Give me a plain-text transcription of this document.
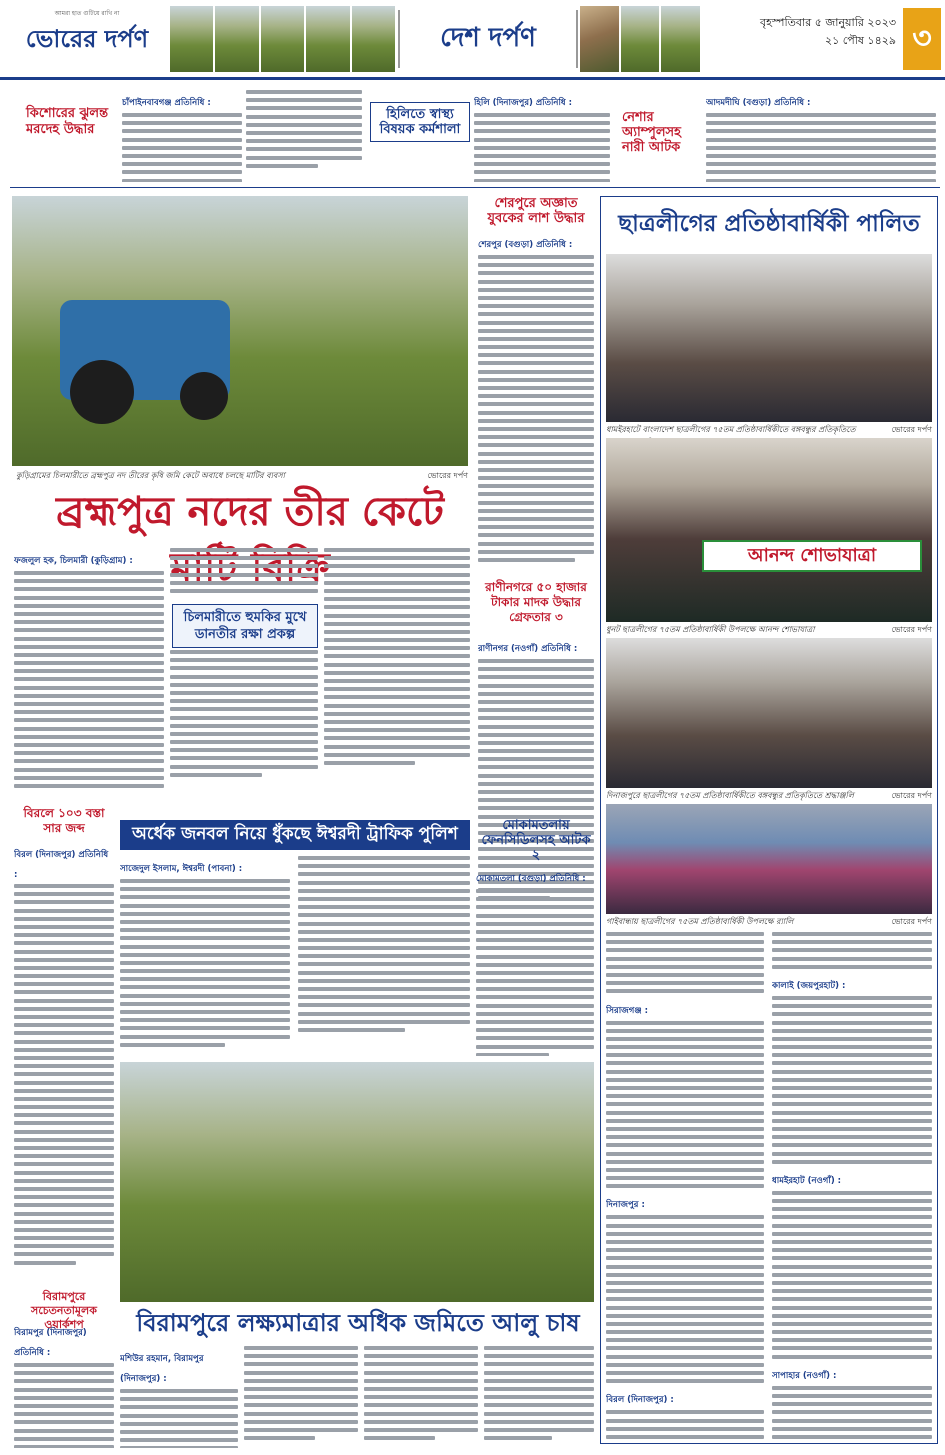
আমরা হাত গুটিয়ে রাখি না
ভোরের দর্পণ	দেশ দর্পণ
বৃহস্পতিবার ৫ জানুয়ারি ২০২৩
২১ পৌষ ১৪২৯ ৩
কিশোরের ঝুলন্ত মরদেহ উদ্ধার
চাঁপাইনবাবগঞ্জ প্রতিনিধি :
হিলিতে স্বাস্থ্য বিষয়ক কর্মশালা
হিলি (দিনাজপুর) প্রতিনিধি :
নেশার অ্যাম্পুলসহ নারী আটক
আদমদীঘি (বগুড়া) প্রতিনিধি :
কুড়িগ্রামের চিলমারীতে ব্রহ্মপুত্র নদ তীরের কৃষি জমি কেটে অবাধে চলছে মাটির ব্যবসা	ভোরের দর্পণ
ব্রহ্মপুত্র নদের তীর কেটে
ফজলুল হক, চিলমারী (কুড়িগ্রাম) :
চিলমারীতে হুমকির মুখে ডানতীর রক্ষা প্রকল্প
শেরপুরে অজ্ঞাত যুবকের লাশ উদ্ধার
শেরপুর (বগুড়া) প্রতিনিধি :
রাণীনগরে ৫০ হাজার টাকার মাদক উদ্ধার গ্রেফতার ৩
রাণীনগর (নওগাঁ) প্রতিনিধি :
বিরলে ১০৩ বস্তা সার জব্দ
বিরল (দিনাজপুর) প্রতিনিধি :
বিরামপুরে সচেতনতামূলক ওয়ার্কশপ
বিরামপুর (দিনাজপুর) প্রতিনিধি :
অর্ধেক জনবল নিয়ে ধুঁকছে ঈশ্বরদী ট্রাফিক পুলিশ
সাজেদুল ইসলাম, ঈশ্বরদী (পাবনা) :
মোকামতলায় ফেনসিডিলসহ আটক ২
মোকামতলা (বগুড়া) প্রতিনিধি :
বিরামপুরে লক্ষ্যমাত্রার অধিক জমিতে আলু চাষ
মশিউর রহমান, বিরামপুর (দিনাজপুর) :
ছাত্রলীগের প্রতিষ্ঠাবার্ষিকী পালিত
ধামইরহাটে বাংলাদেশ ছাত্রলীগের ৭৫তম প্রতিষ্ঠাবার্ষিকীতে বঙ্গবন্ধুর প্রতিকৃতিতে	ভোরের দর্পণ
আনন্দ শোভাযাত্রা
ধুনট ছাত্রলীগের ৭৫তম প্রতিষ্ঠাবার্ষিকী উপলক্ষে আনন্দ শোভাযাত্রা	ভোরের দর্পণ
দিনাজপুরে ছাত্রলীগের ৭৫তম প্রতিষ্ঠাবার্ষিকীতে বঙ্গবন্ধুর প্রতিকৃতিতে শ্রদ্ধাঞ্জলি	ভোরের দর্পণ
গাইবান্ধায় ছাত্রলীগের ৭৫তম প্রতিষ্ঠাবার্ষিকী উপলক্ষে র‍্যালি	ভোরের দর্পণ
সিরাজগঞ্জ :
দিনাজপুর :
বিরল (দিনাজপুর) :
কালাই (জয়পুরহাট) :
ধামইরহাট (নওগাঁ) :
সাপাহার (নওগাঁ) :
